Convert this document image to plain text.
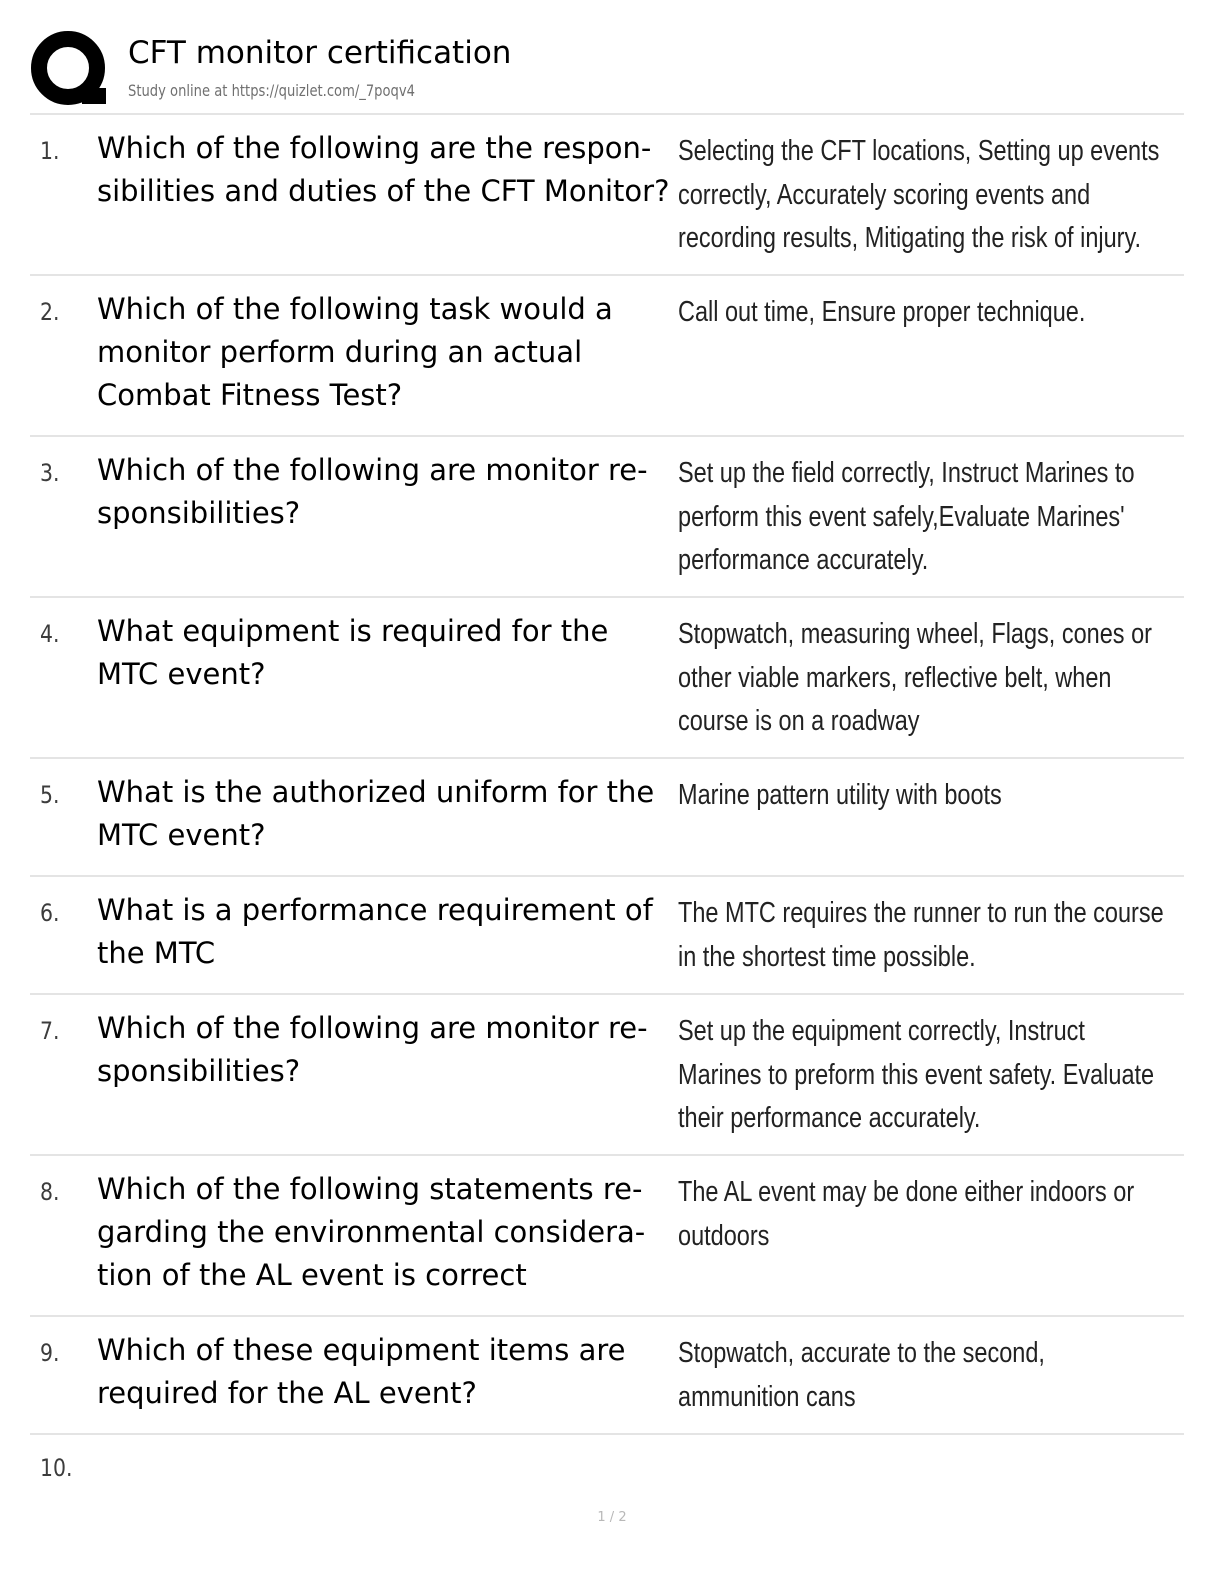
CFT monitor certification
Study online at https://quizlet.com/_7poqv4
1. Which of the following are the responsibilities and duties of the CFT Monitor?
Selecting the CFT locations, Setting up events correctly, Accurately scoring events and recording results, Mitigating the risk of injury.
2. Which of the following task would a monitor perform during an actual Combat Fitness Test?
Call out time, Ensure proper technique.
3. Which of the following are monitor responsibilities?
Set up the field correctly, Instruct Marines to perform this event safely,Evaluate Marines' performance accurately.
4. What equipment is required for the MTC event?
Stopwatch, measuring wheel, Flags, cones or other viable markers, reflective belt, when course is on a roadway
5. What is the authorized uniform for the MTC event?
Marine pattern utility with boots
6. What is a performance requirement of the MTC
The MTC requires the runner to run the course in the shortest time possible.
7. Which of the following are monitor responsibilities?
Set up the equipment correctly, Instruct Marines to preform this event safety. Evaluate their performance accurately.
8. Which of the following statements regarding the environmental consideration of the AL event is correct
The AL event may be done either indoors or outdoors
9. Which of these equipment items are required for the AL event?
Stopwatch, accurate to the second, ammunition cans
10.
1 / 2
